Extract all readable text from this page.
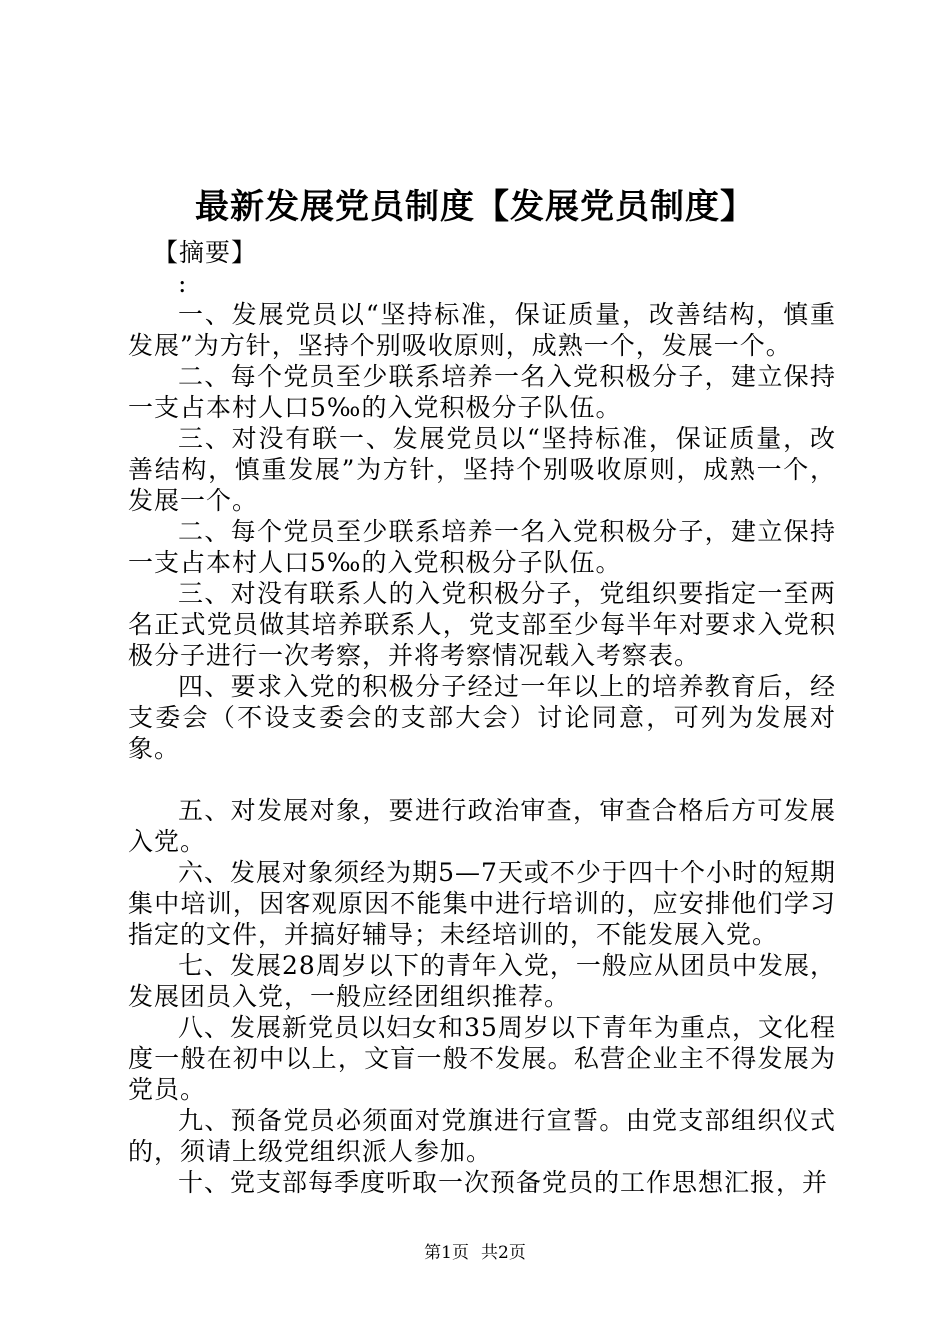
最新发展党员制度【发展党员制度】

【摘要】

:

一、发展党员以“坚持标准，保证质量，改善结构，慎重发展”为方针，坚持个别吸收原则，成熟一个，发展一个。

二、每个党员至少联系培养一名入党积极分子，建立保持一支占本村人口5‰的入党积极分子队伍。

三、对没有联一、发展党员以“坚持标准，保证质量，改善结构，慎重发展”为方针，坚持个别吸收原则，成熟一个，发展一个。

二、每个党员至少联系培养一名入党积极分子，建立保持一支占本村人口5‰的入党积极分子队伍。

三、对没有联系人的入党积极分子，党组织要指定一至两名正式党员做其培养联系人，党支部至少每半年对要求入党积极分子进行一次考察，并将考察情况载入考察表。

四、要求入党的积极分子经过一年以上的培养教育后，经支委会（不设支委会的支部大会）讨论同意，可列为发展对象。

五、对发展对象，要进行政治审查，审查合格后方可发展入党。

六、发展对象须经为期5—7天或不少于四十个小时的短期集中培训，因客观原因不能集中进行培训的，应安排他们学习指定的文件，并搞好辅导；未经培训的，不能发展入党。

七、发展28周岁以下的青年入党，一般应从团员中发展，发展团员入党，一般应经团组织推荐。

八、发展新党员以妇女和35周岁以下青年为重点，文化程度一般在初中以上，文盲一般不发展。私营企业主不得发展为党员。

九、预备党员必须面对党旗进行宣誓。由党支部组织仪式的，须请上级党组织派人参加。

十、党支部每季度听取一次预备党员的工作思想汇报，并

第1页 共2页
